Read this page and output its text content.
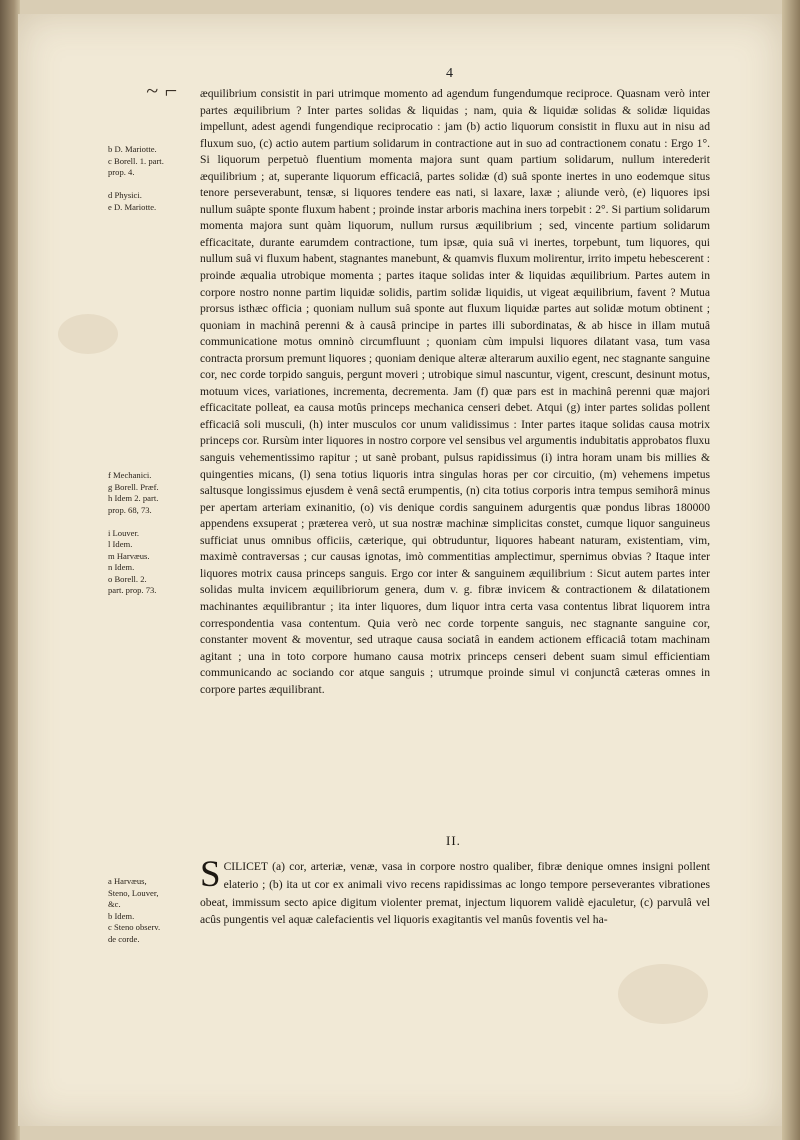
~ ⌐
4
b D. Mariotte.
c Borell. 1. part.
prop. 4.

d Physici.
e D. Mariotte.
f Mechanici.
g Borell. Præf.
h Idem 2. part.
prop. 68, 73.

i Louver.
l Idem.
m Harvæus.
n Idem.
o Borell. 2.
part. prop. 73.
a Harvæus,
Steno, Louver,
&c.
b Idem.
c Steno observ.
de corde.

æquilibrium consistit in pari utrimque momento ad agendum fungendumque reciproce. Quasnam verò inter partes æquilibrium ? Inter partes solidas & liquidas ; nam, quia & liquidæ solidas & solidæ liquidas impellunt, adest agendi fungendique reciprocatio : jam (b) actio liquorum consistit in fluxu aut in nisu ad fluxum suo, (c) actio autem partium solidarum in contractione aut in suo ad contractionem conatu : Ergo 1°. Si liquorum perpetuò fluentium momenta majora sunt quam partium solidarum, nullum interederit æquilibrium ; at, superante liquorum efficaciâ, partes solidæ (d) suâ sponte inertes in uno eodemque situs tenore perseverabunt, tensæ, si liquores tendere eas nati, si laxare, laxæ ; aliunde verò, (e) liquores ipsi nullum suâpte sponte fluxum habent ; proinde instar arboris machina iners torpebit : 2°. Si partium solidarum momenta majora sunt quàm liquorum, nullum rursus æquilibrium ; sed, vincente partium solidarum efficacitate, durante earumdem contractione, tum ipsæ, quia suâ vi inertes, torpebunt, tum liquores, qui nullum suâ vi fluxum habent, stagnantes manebunt, & quamvis fluxum molirentur, irrito impetu hebescerent : proinde æqualia utrobique momenta ; partes itaque solidas inter & liquidas æquilibrium. Partes autem in corpore nostro nonne partim liquidæ solidis, partim solidæ liquidis, ut vigeat æquilibrium, favent ? Mutua prorsus isthæc officia ; quoniam nullum suâ sponte aut fluxum liquidæ partes aut solidæ motum obtinent ; quoniam in machinâ perenni & à causâ principe in partes illi subordinatas, & ab hisce in illam mutuâ communicatione motus omninò circumfluunt ; quoniam cùm impulsi liquores dilatant vasa, tum vasa contracta prorsum premunt liquores ; quoniam denique alteræ alterarum auxilio egent, nec stagnante sanguine cor, nec corde torpido sanguis, pergunt moveri ; utrobique simul nascuntur, vigent, crescunt, desinunt motus, motuum vices, variationes, incrementa, decrementa. Jam (f) quæ pars est in machinâ perenni quæ majori efficacitate polleat, ea causa motûs princeps mechanica censeri debet. Atqui (g) inter partes solidas pollent efficaciâ soli musculi, (h) inter musculos cor unum validissimus : Inter partes itaque solidas causa motrix princeps cor. Rursùm inter liquores in nostro corpore vel sensibus vel argumentis indubitatis approbatos fluxu sanguis vehementissimo rapitur ; ut sanè probant, pulsus rapidissimus (i) intra horam unam bis millies & quingenties micans, (l) sena totius liquoris intra singulas horas per cor circuitio, (m) vehemens impetus saltusque longissimus ejusdem è venâ sectâ erumpentis, (n) cita totius corporis intra tempus semihorâ minus per apertam arteriam exinanitio, (o) vis denique cordis sanguinem adurgentis quæ pondus libras 180000 appendens exsuperat ; præterea verò, ut sua nostræ machinæ simplicitas constet, cumque liquor sanguineus sufficiat unus omnibus officiis, cæterique, qui obtruduntur, liquores habeant naturam, existentiam, vim, maximè contraversas ; cur causas ignotas, imò commentitias amplectimur, spernimus obvias ? Itaque inter liquores motrix causa princeps sanguis. Ergo cor inter & sanguinem æquilibrium : Sicut autem partes inter solidas multa invicem æquilibriorum genera, dum v. g. fibræ invicem & contractionem & dilatationem machinantes æquilibrantur ; ita inter liquores, dum liquor intra certa vasa contentus librat liquorem intra correspondentia vasa contentum. Quia verò nec corde torpente sanguis, nec stagnante sanguine cor, constanter movent & moventur, sed utraque causa sociatâ in eandem actionem efficaciâ totam machinam agitant ; una in toto corpore humano causa motrix princeps censeri debent suam simul efficientiam communicando ac sociando cor atque sanguis ; utrumque proinde simul vi conjunctâ cæteras omnes in corpore partes æquilibrant.

II.
S CILICET (a) cor, arteriæ, venæ, vasa in corpore nostro qualiber, fibræ denique omnes insigni pollent elaterio ; (b) ita ut cor ex animali vivo recens rapidissimas ac longo tempore perseverantes vibrationes obeat, immissum secto apice digitum violenter premat, injectum liquorem validè ejaculetur, (c) parvulâ vel acûs pungentis vel aquæ calefacientis vel liquoris exagitantis vel manûs foventis vel ha-
